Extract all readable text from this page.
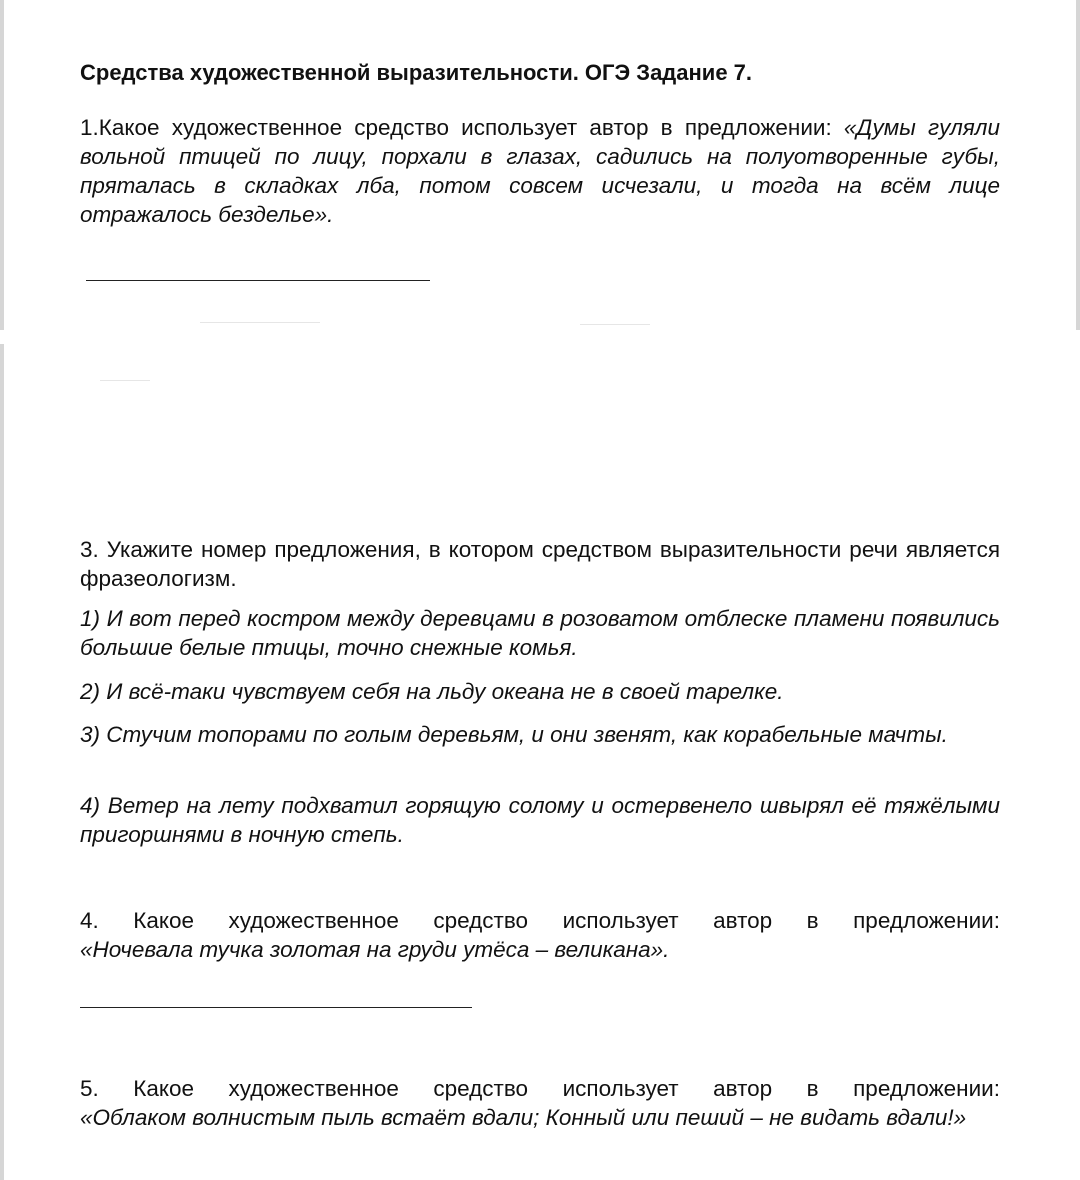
Средства художественной выразительности. ОГЭ Задание 7.

1.Какое художественное средство использует автор в предложении: «Думы гуляли вольной птицей по лицу, порхали в глазах, садились на полуотворенные губы, пряталась в складках лба, потом совсем исчезали, и тогда на всём лице отражалось безделье».

3. Укажите номер предложения, в котором средством выразительности речи является фразеологизм.

1) И вот перед костром между деревцами в розоватом отблеске пламени появились большие белые птицы, точно снежные комья.

2) И всё-таки чувствуем себя на льду океана не в своей тарелке.

3) Стучим топорами по голым деревьям, и они звенят, как корабельные мачты.

4) Ветер на лету подхватил горящую солому и остервенело швырял её тяжёлыми пригоршнями в ночную степь.

4. Какое художественное средство использует автор в предложении:

«Ночевала тучка золотая на груди утёса – великана».

5. Какое художественное средство использует автор в предложении:

«Облаком волнистым пыль встаёт вдали; Конный или пеший – не видать вдали!»
